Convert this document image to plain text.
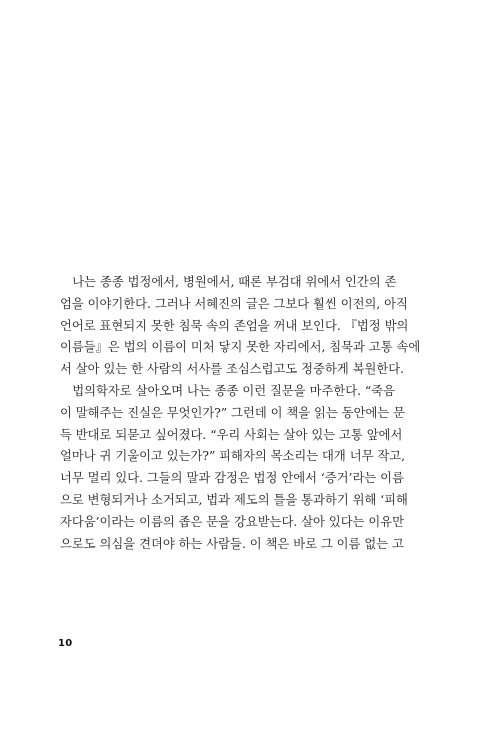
　나는 종종 법정에서, 병원에서, 때론 부검대 위에서 인간의 존
엄을 이야기한다. 그러나 서혜진의 글은 그보다 훨씬 이전의, 아직
언어로 표현되지 못한 침묵 속의 존엄을 꺼내 보인다. 『법정 밖의
이름들』은 법의 이름이 미처 닿지 못한 자리에서, 침묵과 고통 속에
서 살아 있는 한 사람의 서사를 조심스럽고도 정중하게 복원한다.
　법의학자로 살아오며 나는 종종 이런 질문을 마주한다. “죽음
이 말해주는 진실은 무엇인가?” 그런데 이 책을 읽는 동안에는 문
득 반대로 되묻고 싶어졌다. “우리 사회는 살아 있는 고통 앞에서
얼마나 귀 기울이고 있는가?” 피해자의 목소리는 대개 너무 작고,
너무 멀리 있다. 그들의 말과 감정은 법정 안에서 ‘증거’라는 이름
으로 변형되거나 소거되고, 법과 제도의 틀을 통과하기 위해 ‘피해
자다움’이라는 이름의 좁은 문을 강요받는다. 살아 있다는 이유만
으로도 의심을 견뎌야 하는 사람들. 이 책은 바로 그 이름 없는 고
10
